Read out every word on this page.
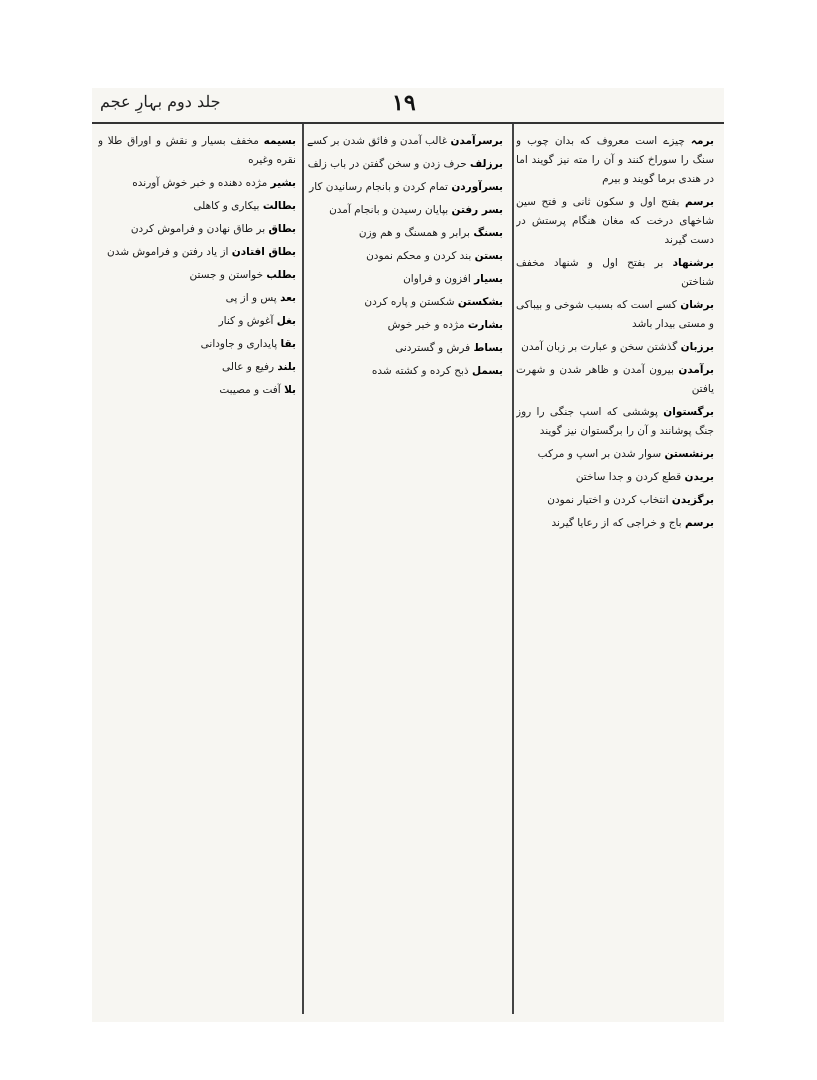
جلد دوم بہارِ عجم	۱۹

برمہ چیزے است معروف که بدان چوب و سنگ را سوراخ کنند و آن را مته نیز گویند اما در هندی برما گویند و بیرم

برسم بفتح اول و سکون ثانی و فتح سین شاخهای درخت که مغان هنگام پرستش در دست گیرند

برشنهاد بر بفتح اول و شنهاد مخفف شناختن

برشان کسے است که بسبب شوخی و بیباکی و مستی بیدار باشد

برزبان گذشتن سخن و عبارت بر زبان آمدن

برآمدن بیرون آمدن و ظاهر شدن و شهرت یافتن

برگستوان پوششی که اسپ جنگی را روز جنگ پوشانند و آن را برگستوان نیز گویند

برنشستن سوار شدن بر اسپ و مرکب

بریدن قطع کردن و جدا ساختن

برگزیدن انتخاب کردن و اختیار نمودن

برسم باج و خراجی که از رعایا گیرند

برسرآمدن غالب آمدن و فائق شدن بر کسے

برزلف حرف زدن و سخن گفتن در باب زلف

بسرآوردن تمام کردن و بانجام رسانیدن کار

بسر رفتن بپایان رسیدن و بانجام آمدن

بسنگ برابر و همسنگ و هم وزن

بستن بند کردن و محکم نمودن

بسیار افزون و فراوان

بشکستن شکستن و پاره کردن

بشارت مژده و خبر خوش

بساط فرش و گستردنی

بسمل ذبح کرده و کشته شده

بسیمه مخفف بسیار و نقش و اوراق طلا و نقره وغیره

بشیر مژده دهنده و خبر خوش آورنده

بطالت بیکاری و کاهلی

بطاق بر طاق نهادن و فراموش کردن

بطاق افتادن از یاد رفتن و فراموش شدن

بطلب خواستن و جستن

بعد پس و از پی

بغل آغوش و کنار

بقا پایداری و جاودانی

بلند رفیع و عالی

بلا آفت و مصیبت
